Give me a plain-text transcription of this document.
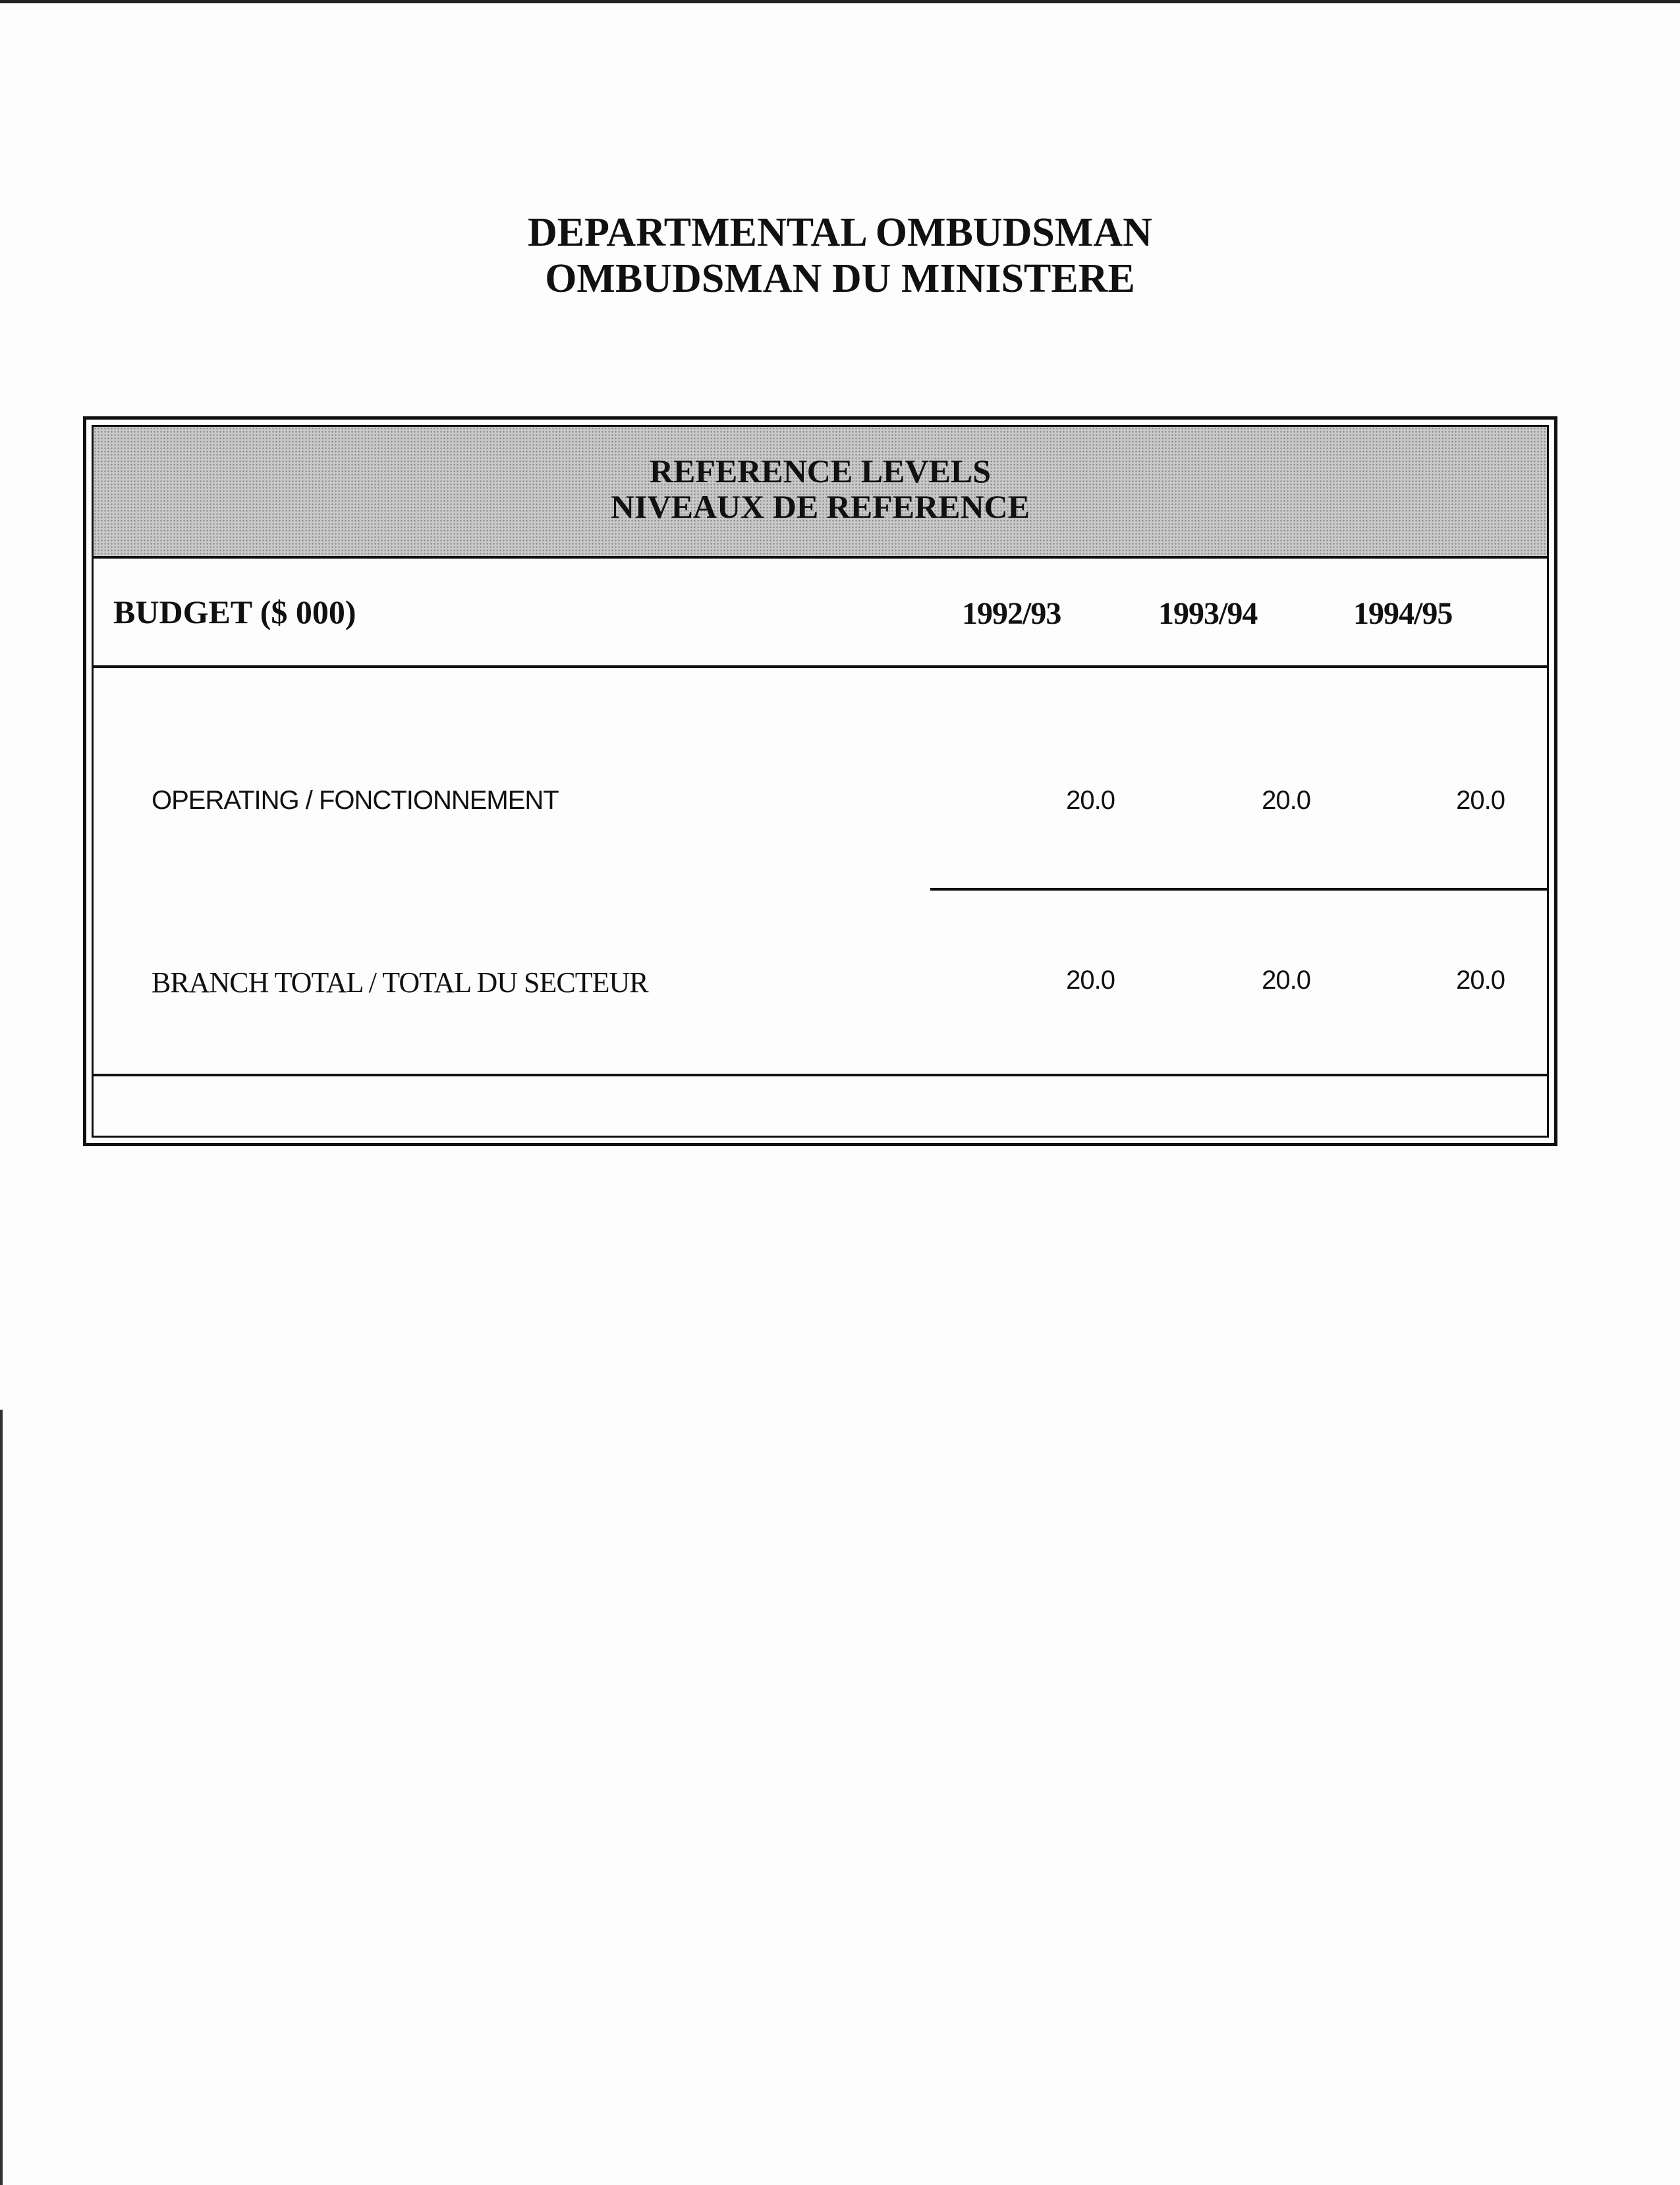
DEPARTMENTAL OMBUDSMAN
OMBUDSMAN DU MINISTERE
REFERENCE LEVELS
NIVEAUX DE REFERENCE
BUDGET ($ 000)	1992/93	1993/94	1994/95
OPERATING / FONCTIONNEMENT	20.0	20.0	20.0
BRANCH TOTAL / TOTAL DU SECTEUR	20.0	20.0	20.0
